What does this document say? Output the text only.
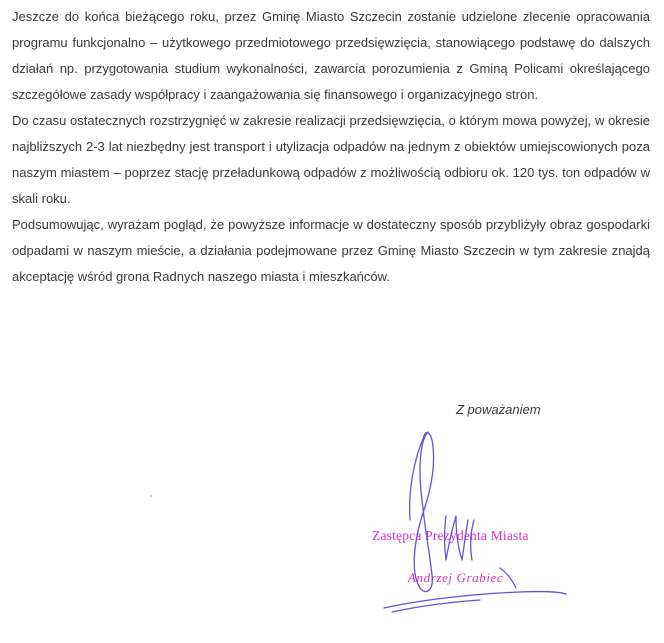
Jeszcze do końca bieżącego roku, przez Gminę Miasto Szczecin zostanie udzielone zlecenie opracowania programu funkcjonalno – użytkowego przedmiotowego przedsięwzięcia, stanowiącego podstawę do dalszych działań np. przygotowania studium wykonalności, zawarcia porozumienia z Gminą Policami określającego szczegółowe zasady współpracy i zaangażowania się finansowego i organizacyjnego stron.

Do czasu ostatecznych rozstrzygnięć w zakresie realizacji przedsięwzięcia, o którym mowa powyżej, w okresie najbliższych 2-3 lat niezbędny jest transport i utylizacja odpadów na jednym z obiektów umiejscowionych poza naszym miastem – poprzez stację przeładunkową odpadów z możliwością odbioru ok. 120 tys. ton odpadów w skali roku.

Podsumowując, wyrażam pogląd, że powyższe informacje w dostateczny sposób przybliżyły obraz gospodarki odpadami w naszym mieście, a działania podejmowane przez Gminę Miasto Szczecin w tym zakresie znajdą akceptację wśród grona Radnych naszego miasta i mieszkańców.

Z poważaniem
Zastępca Prezydenta Miasta
Andrzej Grabiec
